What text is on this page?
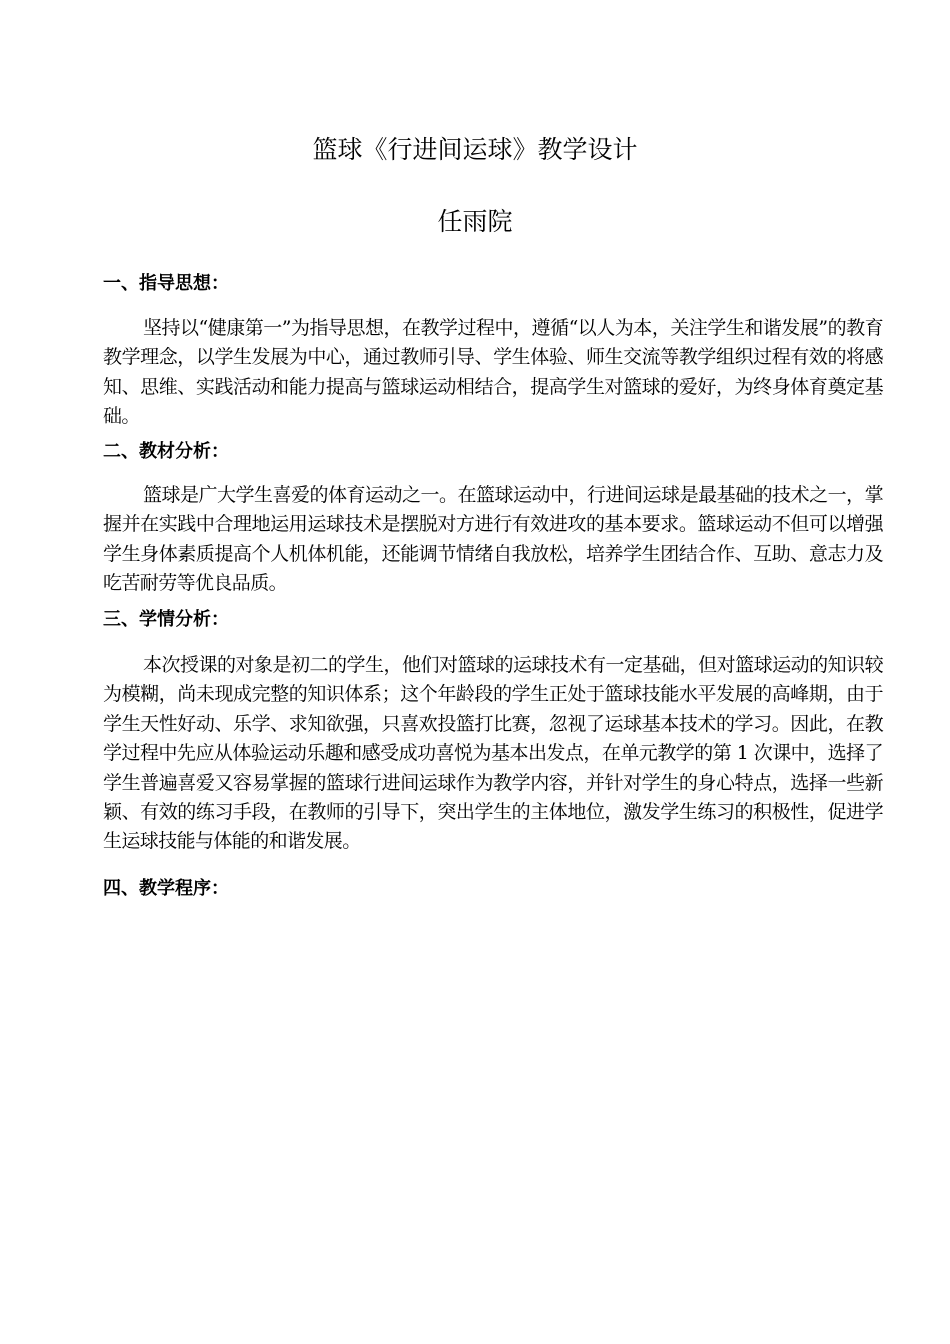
篮球《行进间运球》教学设计
任雨院
一、指导思想：
坚持以“健康第一”为指导思想，在教学过程中，遵循“以人为本，关注学生和谐发展”的教育教学理念，以学生发展为中心，通过教师引导、学生体验、师生交流等教学组织过程有效的将感知、思维、实践活动和能力提高与篮球运动相结合，提高学生对篮球的爱好，为终身体育奠定基础。
二、教材分析：
篮球是广大学生喜爱的体育运动之一。在篮球运动中，行进间运球是最基础的技术之一，掌握并在实践中合理地运用运球技术是摆脱对方进行有效进攻的基本要求。篮球运动不但可以增强学生身体素质提高个人机体机能，还能调节情绪自我放松，培养学生团结合作、互助、意志力及吃苦耐劳等优良品质。
三、学情分析：
本次授课的对象是初二的学生，他们对篮球的运球技术有一定基础，但对篮球运动的知识较为模糊，尚未现成完整的知识体系；这个年龄段的学生正处于篮球技能水平发展的高峰期，由于学生天性好动、乐学、求知欲强，只喜欢投篮打比赛，忽视了运球基本技术的学习。因此，在教学过程中先应从体验运动乐趣和感受成功喜悦为基本出发点，在单元教学的第 1 次课中，选择了学生普遍喜爱又容易掌握的篮球行进间运球作为教学内容，并针对学生的身心特点，选择一些新颖、有效的练习手段，在教师的引导下，突出学生的主体地位，激发学生练习的积极性，促进学生运球技能与体能的和谐发展。
四、教学程序：
